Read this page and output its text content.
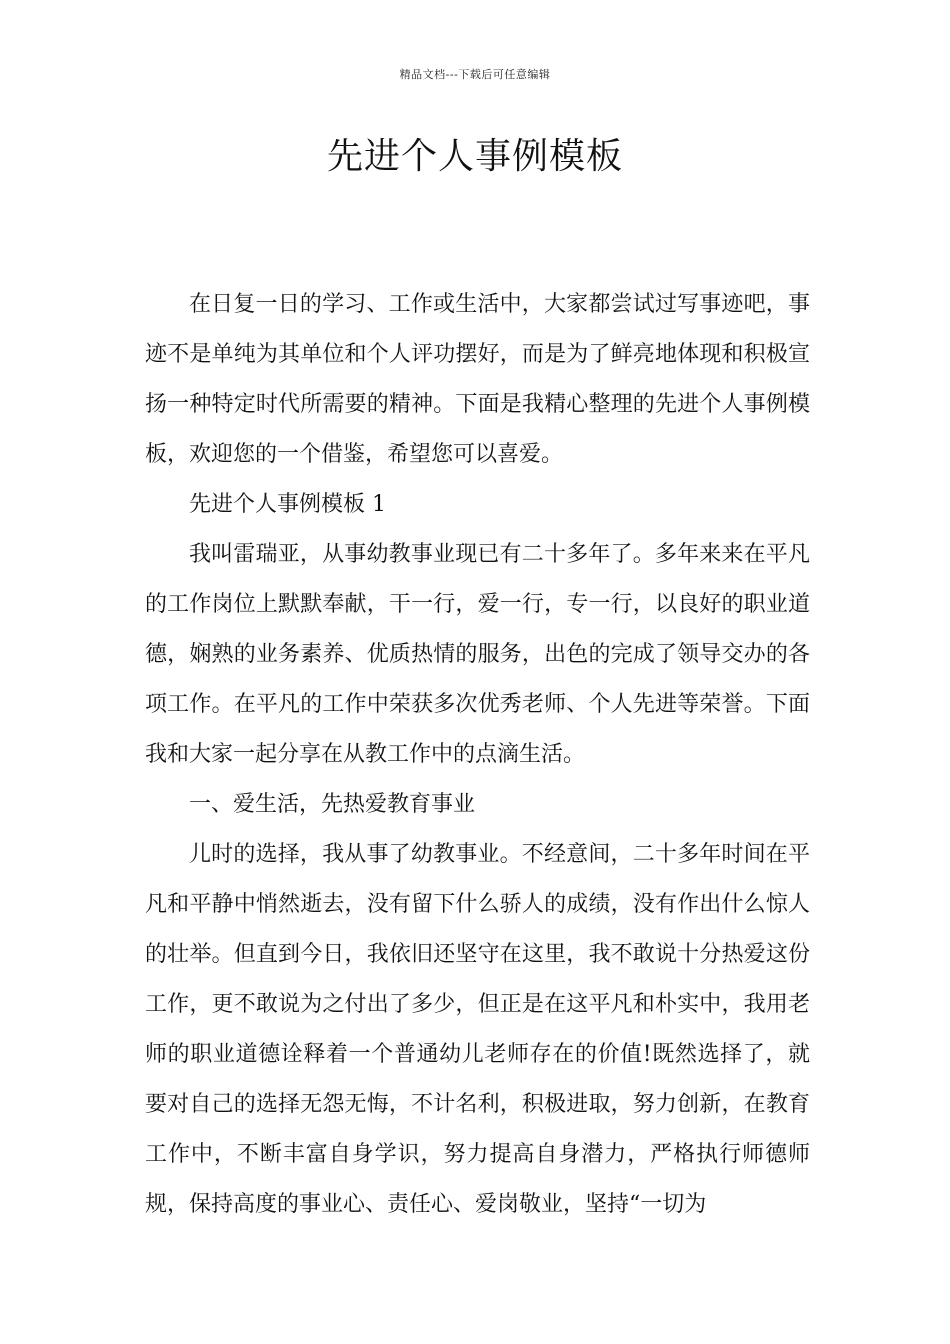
精品文档---下载后可任意编辑
先进个人事例模板

在日复一日的学习、工作或生活中，大家都尝试过写事迹吧，事迹不是单纯为其单位和个人评功摆好，而是为了鲜亮地体现和积极宣扬一种特定时代所需要的精神。下面是我精心整理的先进个人事例模板，欢迎您的一个借鉴，希望您可以喜爱。

先进个人事例模板 1

我叫雷瑞亚，从事幼教事业现已有二十多年了。多年来来在平凡的工作岗位上默默奉献，干一行，爱一行，专一行，以良好的职业道德，娴熟的业务素养、优质热情的服务，出色的完成了领导交办的各项工作。在平凡的工作中荣获多次优秀老师、个人先进等荣誉。下面我和大家一起分享在从教工作中的点滴生活。

一、爱生活，先热爱教育事业

儿时的选择，我从事了幼教事业。不经意间，二十多年时间在平凡和平静中悄然逝去，没有留下什么骄人的成绩，没有作出什么惊人的壮举。但直到今日，我依旧还坚守在这里，我不敢说十分热爱这份工作，更不敢说为之付出了多少，但正是在这平凡和朴实中，我用老师的职业道德诠释着一个普通幼儿老师存在的价值!既然选择了，就要对自己的选择无怨无悔，不计名利，积极进取，努力创新，在教育工作中，不断丰富自身学识，努力提高自身潜力，严格执行师德师规，保持高度的事业心、责任心、爱岗敬业，坚持“一切为
